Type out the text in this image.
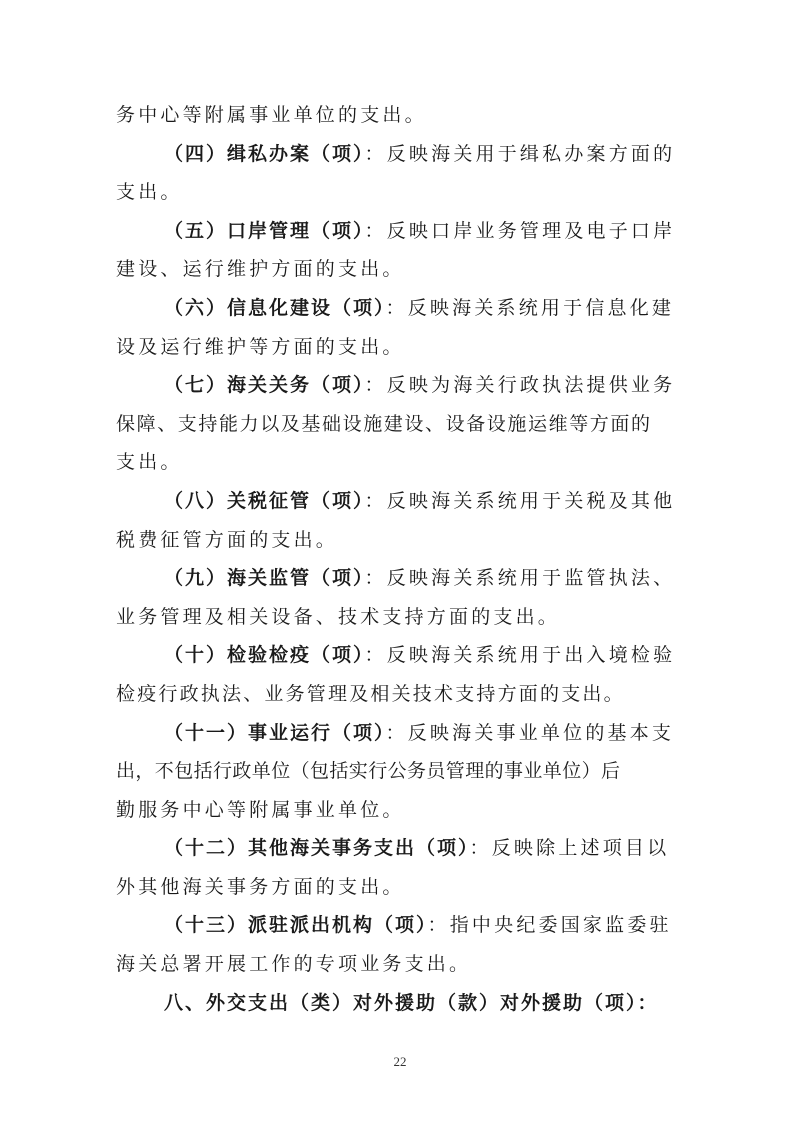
务中心等附属事业单位的支出。
（四）缉私办案（项）：反映海关用于缉私办案方面的
支出。
（五）口岸管理（项）：反映口岸业务管理及电子口岸
建设、运行维护方面的支出。
（六）信息化建设（项）：反映海关系统用于信息化建
设及运行维护等方面的支出。
（七）海关关务（项）：反映为海关行政执法提供业务
保障、支持能力以及基础设施建设、设备设施运维等方面的
支出。
（八）关税征管（项）：反映海关系统用于关税及其他
税费征管方面的支出。
（九）海关监管（项）：反映海关系统用于监管执法、
业务管理及相关设备、技术支持方面的支出。
（十）检验检疫（项）：反映海关系统用于出入境检验
检疫行政执法、业务管理及相关技术支持方面的支出。
（十一）事业运行（项）：反映海关事业单位的基本支
出，不包括行政单位（包括实行公务员管理的事业单位）后
勤服务中心等附属事业单位。
（十二）其他海关事务支出（项）：反映除上述项目以
外其他海关事务方面的支出。
（十三）派驻派出机构（项）：指中央纪委国家监委驻
海关总署开展工作的专项业务支出。
八、外交支出（类）对外援助（款）对外援助（项）：
22
